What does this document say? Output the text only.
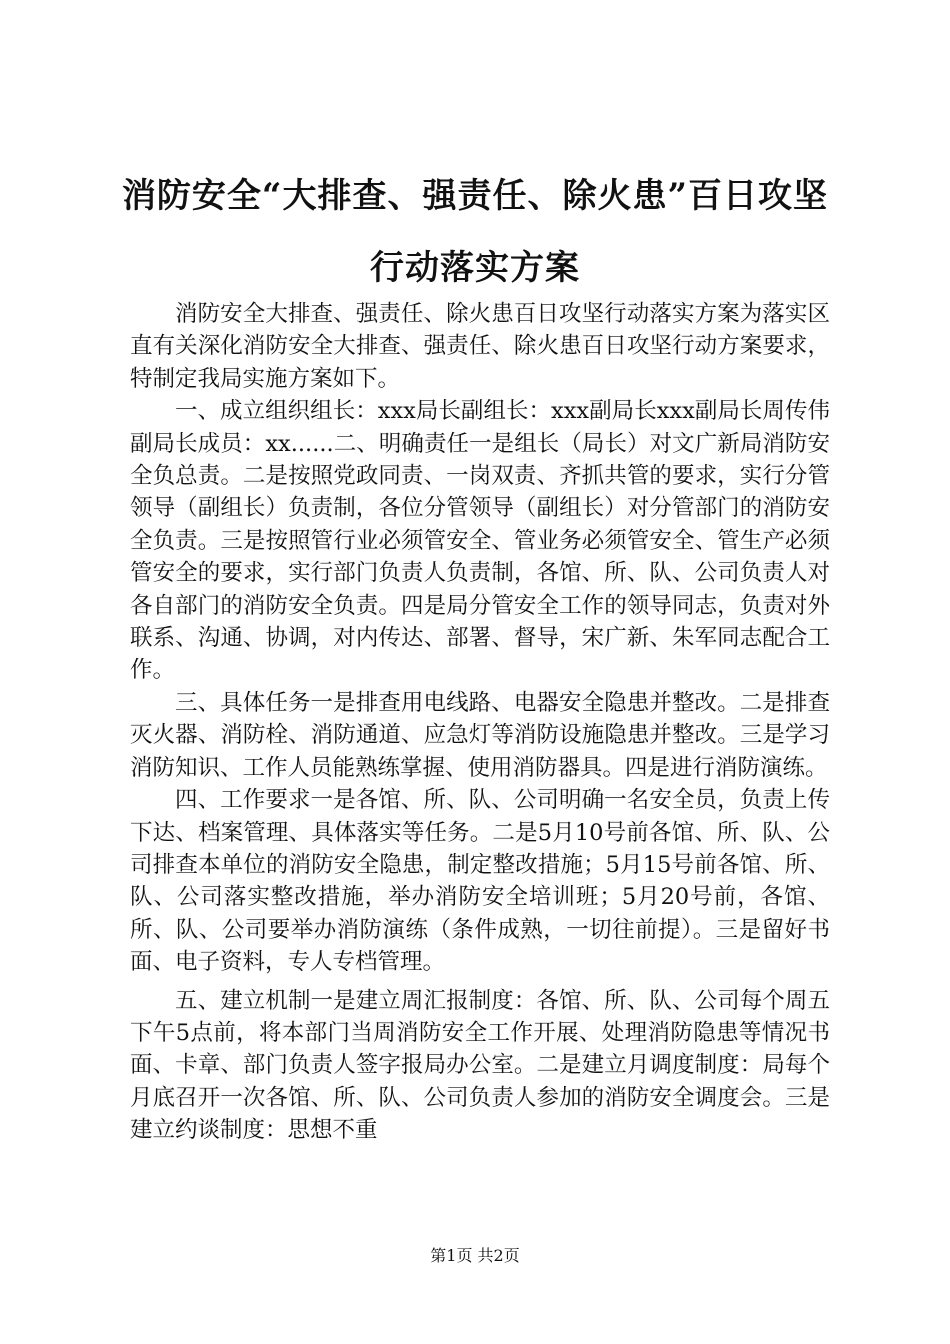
消防安全“大排查、强责任、除火患”百日攻坚行动落实方案

消防安全大排查、强责任、除火患百日攻坚行动落实方案为落实区直有关深化消防安全大排查、强责任、除火患百日攻坚行动方案要求，特制定我局实施方案如下。

一、成立组织组长：xxx局长副组长：xxx副局长xxx副局长周传伟副局长成员：xx......二、明确责任一是组长（局长）对文广新局消防安全负总责。二是按照党政同责、一岗双责、齐抓共管的要求，实行分管领导（副组长）负责制，各位分管领导（副组长）对分管部门的消防安全负责。三是按照管行业必须管安全、管业务必须管安全、管生产必须管安全的要求，实行部门负责人负责制，各馆、所、队、公司负责人对各自部门的消防安全负责。四是局分管安全工作的领导同志，负责对外联系、沟通、协调，对内传达、部署、督导，宋广新、朱军同志配合工作。

三、具体任务一是排查用电线路、电器安全隐患并整改。二是排查灭火器、消防栓、消防通道、应急灯等消防设施隐患并整改。三是学习消防知识、工作人员能熟练掌握、使用消防器具。四是进行消防演练。

四、工作要求一是各馆、所、队、公司明确一名安全员，负责上传下达、档案管理、具体落实等任务。二是5月10号前各馆、所、队、公司排查本单位的消防安全隐患，制定整改措施；5月15号前各馆、所、队、公司落实整改措施，举办消防安全培训班；5月20号前，各馆、所、队、公司要举办消防演练（条件成熟，一切往前提）。三是留好书面、电子资料，专人专档管理。

五、建立机制一是建立周汇报制度：各馆、所、队、公司每个周五下午5点前，将本部门当周消防安全工作开展、处理消防隐患等情况书面、卡章、部门负责人签字报局办公室。二是建立月调度制度：局每个月底召开一次各馆、所、队、公司负责人参加的消防安全调度会。三是建立约谈制度：思想不重

第1页 共2页
